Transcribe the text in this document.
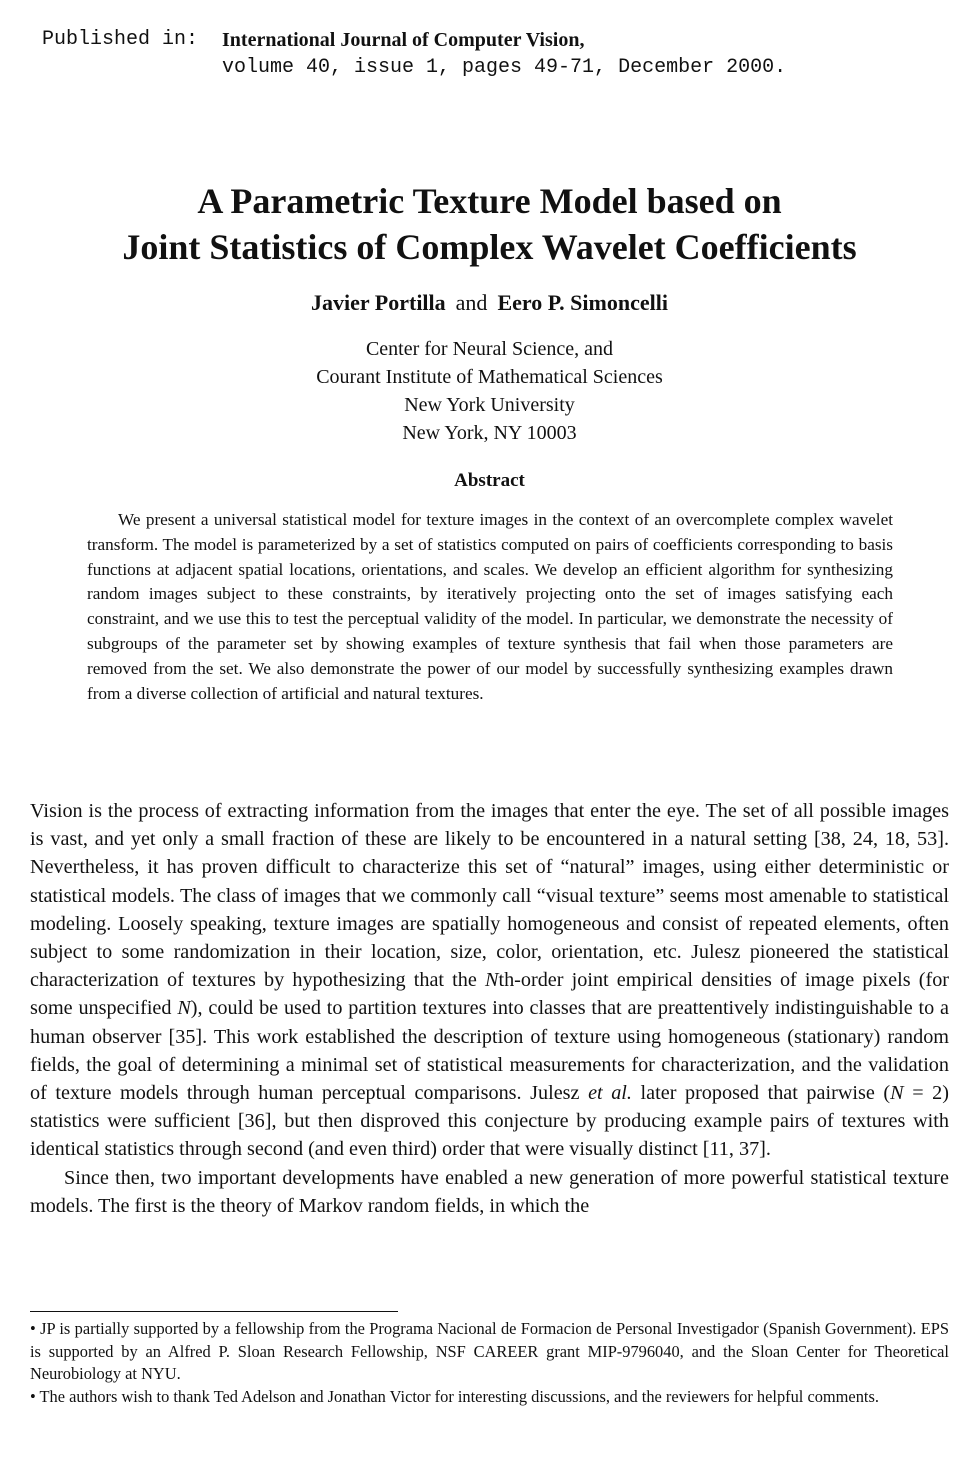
Published in: International Journal of Computer Vision,
volume 40, issue 1, pages 49-71, December 2000.
A Parametric Texture Model based on
Joint Statistics of Complex Wavelet Coefficients
Javier Portilla and Eero P. Simoncelli
Center for Neural Science, and
Courant Institute of Mathematical Sciences
New York University
New York, NY 10003
Abstract

We present a universal statistical model for texture images in the context of an overcomplete complex wavelet transform. The model is parameterized by a set of statistics computed on pairs of coefficients corresponding to basis functions at adjacent spatial locations, orientations, and scales. We develop an efficient algorithm for synthesizing random images subject to these constraints, by iteratively projecting onto the set of images satisfying each constraint, and we use this to test the perceptual validity of the model. In particular, we demonstrate the necessity of subgroups of the parameter set by showing examples of texture synthesis that fail when those parameters are removed from the set. We also demonstrate the power of our model by successfully synthesizing examples drawn from a diverse collection of artificial and natural textures.

Vision is the process of extracting information from the images that enter the eye. The set of all possible images is vast, and yet only a small fraction of these are likely to be encountered in a natural setting [38, 24, 18, 53]. Nevertheless, it has proven difficult to characterize this set of “natural” images, using either deterministic or statistical models. The class of images that we commonly call “visual texture” seems most amenable to statistical modeling. Loosely speaking, texture images are spatially homogeneous and consist of repeated elements, often subject to some randomization in their location, size, color, orientation, etc. Julesz pioneered the statistical characterization of textures by hypothesizing that the Nth-order joint empirical densities of image pixels (for some unspecified N), could be used to partition textures into classes that are preattentively indistinguishable to a human observer [35]. This work established the description of texture using homogeneous (stationary) random fields, the goal of determining a minimal set of statistical measurements for characterization, and the validation of texture models through human perceptual comparisons. Julesz et al. later proposed that pairwise (N = 2) statistics were sufficient [36], but then disproved this conjecture by producing example pairs of textures with identical statistics through second (and even third) order that were visually distinct [11, 37].

Since then, two important developments have enabled a new generation of more powerful statistical texture models. The first is the theory of Markov random fields, in which the

• JP is partially supported by a fellowship from the Programa Nacional de Formacion de Personal Investigador (Spanish Government). EPS is supported by an Alfred P. Sloan Research Fellowship, NSF CAREER grant MIP-9796040, and the Sloan Center for Theoretical Neurobiology at NYU.

• The authors wish to thank Ted Adelson and Jonathan Victor for interesting discussions, and the reviewers for helpful comments.
